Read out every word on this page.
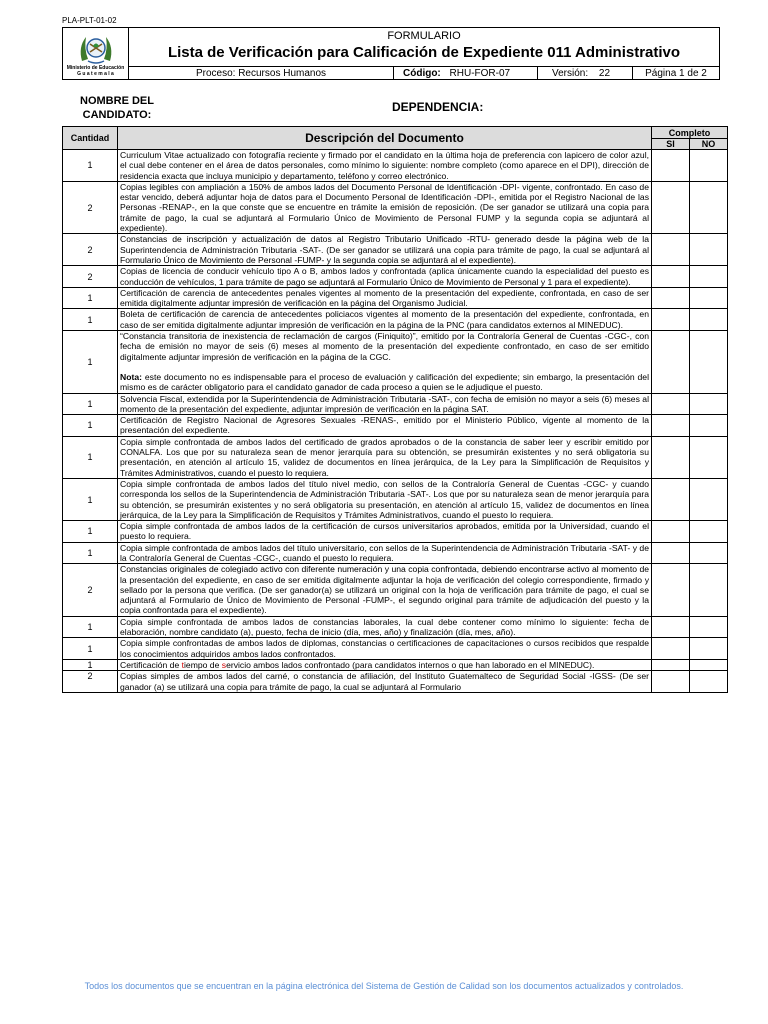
PLA-PLT-01-02
Ministerio de Educación
G u a t e m a l a
FORMULARIO
Lista de Verificación para Calificación de Expediente 011 Administrativo
Proceso: Recursos Humanos	Código: RHU-FOR-07	Versión: 22	Página 1 de 2
NOMBRE DEL CANDIDATO:
DEPENDENCIA:
Cantidad	Descripción del Documento	Completo	
		SI	NO
1	Curriculum Vitae actualizado con fotografía reciente y firmado por el candidato en la última hoja de preferencia con lapicero de color azul, el cual debe contener en el área de datos personales, como mínimo lo siguiente: nombre completo (como aparece en el DPI), dirección de residencia exacta que incluya municipio y departamento, teléfono y correo electrónico.		
2	Copias legibles con ampliación a 150% de ambos lados del Documento Personal de Identificación -DPI- vigente, confrontado. En caso de estar vencido, deberá adjuntar hoja de datos para el Documento Personal de Identificación -DPI-, emitida por el Registro Nacional de las Personas -RENAP-, en la que conste que se encuentre en trámite la emisión de reposición. (De ser ganador se utilizará una copia para trámite de pago, la cual se adjuntará al Formulario Único de Movimiento de Personal FUMP y la segunda copia se adjuntará al expediente).		
2	Constancias de inscripción y actualización de datos al Registro Tributario Unificado -RTU- generado desde la página web de la Superintendencia de Administración Tributaria -SAT-. (De ser ganador se utilizará una copia para trámite de pago, la cual se adjuntará al Formulario Único de Movimiento de Personal -FUMP- y la segunda copia se adjuntará al el expediente).		
2	Copias de licencia de conducir vehículo tipo A o B, ambos lados y confrontada (aplica únicamente cuando la especialidad del puesto es conducción de vehículos, 1 para trámite de pago se adjuntará al Formulario Único de Movimiento de Personal y 1 para el expediente).		
1	Certificación de carencia de antecedentes penales vigentes al momento de la presentación del expediente, confrontada, en caso de ser emitida digitalmente adjuntar impresión de verificación en la página del Organismo Judicial.		
1	Boleta de certificación de carencia de antecedentes policiacos vigentes al momento de la presentación del expediente, confrontada, en caso de ser emitida digitalmente adjuntar impresión de verificación en la página de la PNC (para candidatos externos al MINEDUC).		
1	“Constancia transitoria de inexistencia de reclamación de cargos (Finiquito)”, emitido por la Contraloría General de Cuentas -CGC-, con fecha de emisión no mayor de seis (6) meses al momento de la presentación del expediente confrontado, en caso de ser emitido digitalmente adjuntar impresión de verificación en la página de la CGC.
Nota: este documento no es indispensable para el proceso de evaluación y calificación del expediente; sin embargo, la presentación del mismo es de carácter obligatorio para el candidato ganador de cada proceso a quien se le adjudique el puesto.		
1	Solvencia Fiscal, extendida por la Superintendencia de Administración Tributaria -SAT-, con fecha de emisión no mayor a seis (6) meses al momento de la presentación del expediente, adjuntar impresión de verificación en la página SAT.		
1	Certificación de Registro Nacional de Agresores Sexuales -RENAS-, emitido por el Ministerio Público, vigente al momento de la presentación del expediente.		
1	Copia simple confrontada de ambos lados del certificado de grados aprobados o de la constancia de saber leer y escribir emitido por CONALFA. Los que por su naturaleza sean de menor jerarquía para su obtención, se presumirán existentes y no será obligatoria su presentación, en atención al artículo 15, validez de documentos en línea jerárquica, de la Ley para la Simplificación de Requisitos y Trámites Administrativos, cuando el puesto lo requiera.		
1	Copia simple confrontada de ambos lados del título nivel medio, con sellos de la Contraloría General de Cuentas -CGC- y cuando corresponda los sellos de la Superintendencia de Administración Tributaria -SAT-. Los que por su naturaleza sean de menor jerarquía para su obtención, se presumirán existentes y no será obligatoria su presentación, en atención al artículo 15, validez de documentos en línea jerárquica, de la Ley para la Simplificación de Requisitos y Trámites Administrativos, cuando el puesto lo requiera.		
1	Copia simple confrontada de ambos lados de la certificación de cursos universitarios aprobados, emitida por la Universidad, cuando el puesto lo requiera.		
1	Copia simple confrontada de ambos lados del título universitario, con sellos de la Superintendencia de Administración Tributaria -SAT- y de la Contraloría General de Cuentas -CGC-, cuando el puesto lo requiera.		
2	Constancias originales de colegiado activo con diferente numeración y una copia confrontada, debiendo encontrarse activo al momento de la presentación del expediente, en caso de ser emitida digitalmente adjuntar la hoja de verificación del colegio correspondiente, firmado y sellado por la persona que verifica. (De ser ganador(a) se utilizará un original con la hoja de verificación para trámite de pago, el cual se adjuntará al Formulario de Único de Movimiento de Personal -FUMP-, el segundo original para trámite de adjudicación del puesto y la copia confrontada para el expediente).		
1	Copia simple confrontada de ambos lados de constancias laborales, la cual debe contener como mínimo lo siguiente: fecha de elaboración, nombre candidato (a), puesto, fecha de inicio (día, mes, año) y finalización (día, mes, año).		
1	Copia simple confrontadas de ambos lados de diplomas, constancias o certificaciones de capacitaciones o cursos recibidos que respalde los conocimientos adquiridos ambos lados confrontados.		
1	Certificación de tiempo de servicio ambos lados confrontado (para candidatos internos o que han laborado en el MINEDUC).		
2	Copias simples de ambos lados del carné, o constancia de afiliación, del Instituto Guatemalteco de Seguridad Social -IGSS- (De ser ganador (a) se utilizará una copia para trámite de pago, la cual se adjuntará al Formulario		
Todos los documentos que se encuentran en la página electrónica del Sistema de Gestión de Calidad son los documentos actualizados y controlados.
